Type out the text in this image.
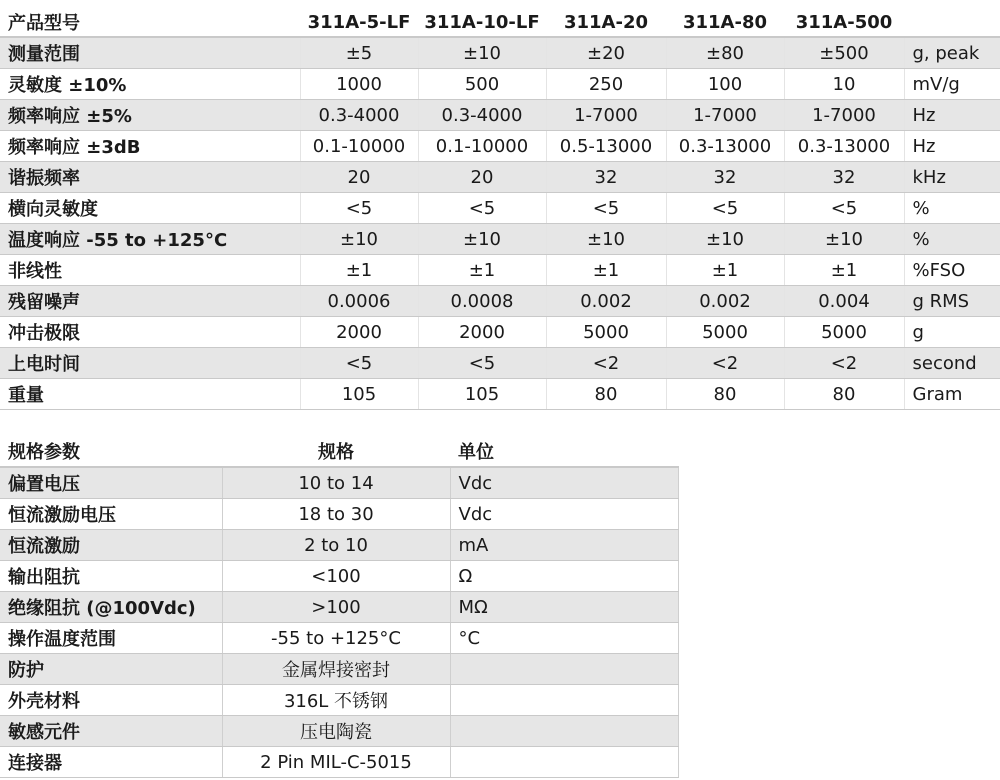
产品型号	311A-5-LF	311A-10-LF	311A-20	311A-80	311A-500	
测量范围	±5	±10	±20	±80	±500	g, peak
灵敏度 ±10%	1000	500	250	100	10	mV/g
频率响应 ±5%	0.3-4000	0.3-4000	1-7000	1-7000	1-7000	Hz
频率响应 ±3dB	0.1-10000	0.1-10000	0.5-13000	0.3-13000	0.3-13000	Hz
谐振频率	20	20	32	32	32	kHz
横向灵敏度	<5	<5	<5	<5	<5	%
温度响应 -55 to +125°C	±10	±10	±10	±10	±10	%
非线性	±1	±1	±1	±1	±1	%FSO
残留噪声	0.0006	0.0008	0.002	0.002	0.004	g RMS
冲击极限	2000	2000	5000	5000	5000	g
上电时间	<5	<5	<2	<2	<2	second
重量	105	105	80	80	80	Gram
规格参数	规格	单位
偏置电压	10 to 14	Vdc
恒流激励电压	18 to 30	Vdc
恒流激励	2 to 10	mA
输出阻抗	<100	Ω
绝缘阻抗 (@100Vdc)	>100	MΩ
操作温度范围	-55 to +125°C	°C
防护	金属焊接密封	
外壳材料	316L 不锈钢	
敏感元件	压电陶瓷	
连接器	2 Pin MIL-C-5015	
